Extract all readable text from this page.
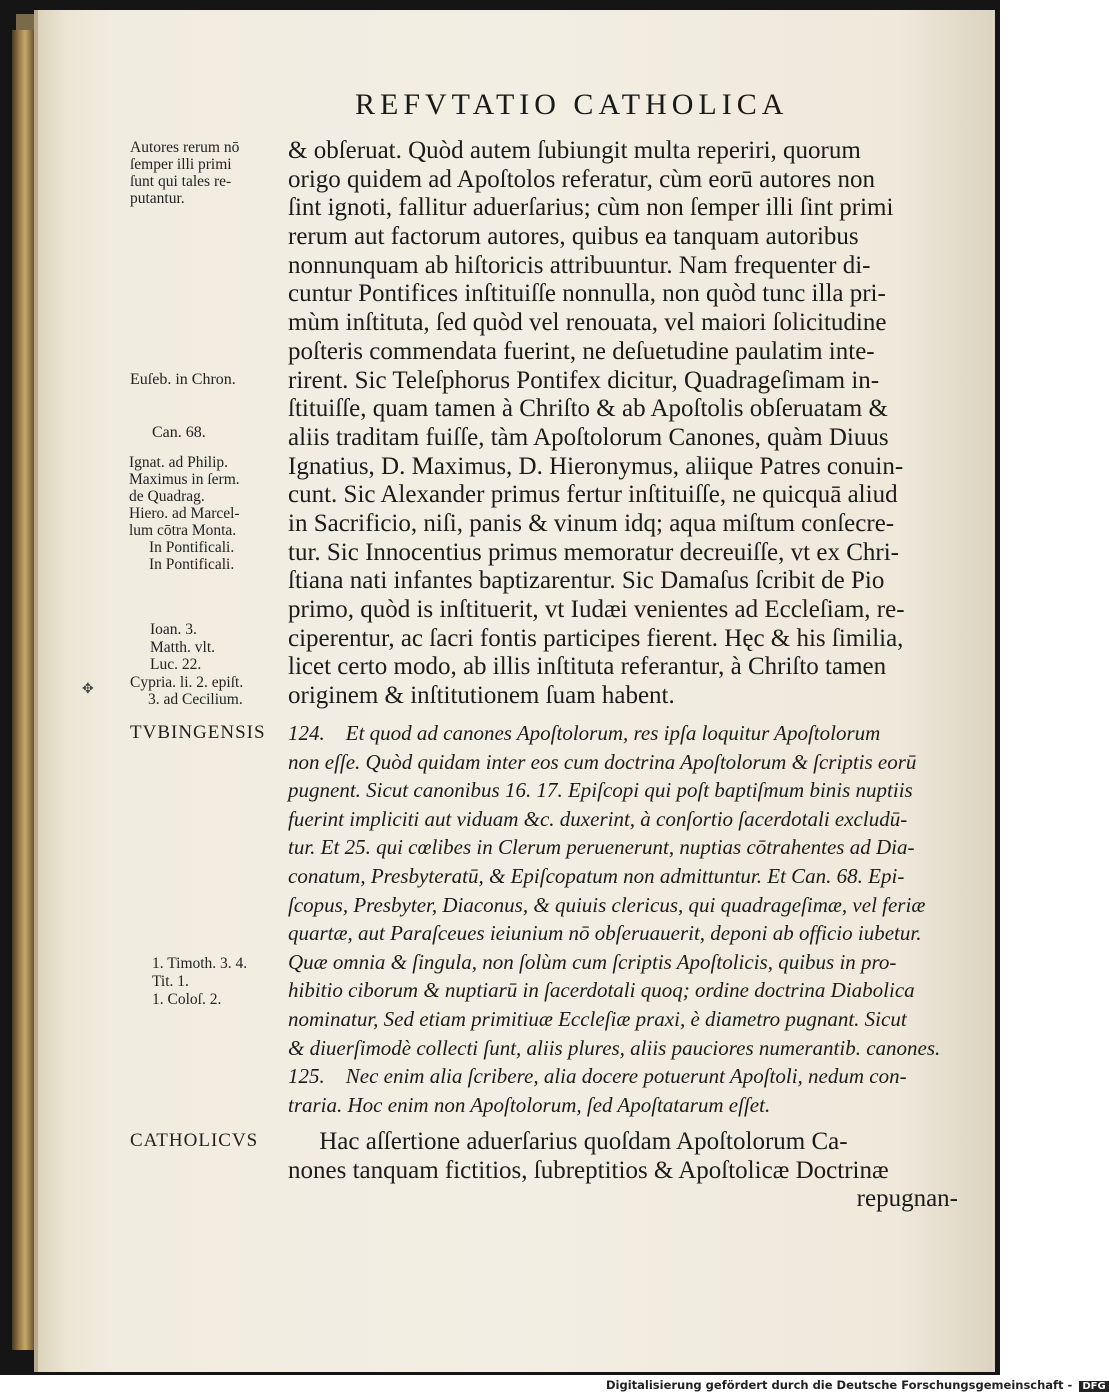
REFVTATIO CATHOLICA
Autores rerum nō
ſemper illi primi
ſunt qui tales re-
putantur.
Euſeb. in Chron.
Can. 68.
Ignat. ad Philip.
Maximus in ſerm.
de Quadrag.
Hiero. ad Marcel-
lum cōtra Monta.
In Pontificali.
In Pontificali.
Ioan. 3.
Matth. vlt.
Luc. 22.
Cypria. li. 2. epiſt.
3. ad Cecilium.
✥
TVBINGENSIS
1. Timoth. 3. 4.
Tit. 1.
1. Coloſ. 2.
CATHOLICVS
& obſeruat. Quòd autem ſubiungit multa reperiri, quorum
origo quidem ad Apoſtolos referatur, cùm eorū autores non
ſint ignoti, fallitur aduerſarius; cùm non ſemper illi ſint primi
rerum aut factorum autores, quibus ea tanquam autoribus
nonnunquam ab hiſtoricis attribuuntur. Nam frequenter di-
cuntur Pontifices inſtituiſſe nonnulla, non quòd tunc illa pri-
mùm inſtituta, ſed quòd vel renouata, vel maiori ſolicitudine
poſteris commendata fuerint, ne deſuetudine paulatim inte-
rirent. Sic Teleſphorus Pontifex dicitur, Quadrageſimam in-
ſtituiſſe, quam tamen à Chriſto & ab Apoſtolis obſeruatam &
aliis traditam fuiſſe, tàm Apoſtolorum Canones, quàm Diuus
Ignatius, D. Maximus, D. Hieronymus, aliique Patres conuin-
cunt. Sic Alexander primus fertur inſtituiſſe, ne quicquā aliud
in Sacrificio, niſi, panis & vinum idq; aqua miſtum conſecre-
tur. Sic Innocentius primus memoratur decreuiſſe, vt ex Chri-
ſtiana nati infantes baptizarentur. Sic Damaſus ſcribit de Pio
primo, quòd is inſtituerit, vt Iudæi venientes ad Eccleſiam, re-
ciperentur, ac ſacri fontis participes fierent. Hęc & his ſimilia,
licet certo modo, ab illis inſtituta referantur, à Chriſto tamen
originem & inſtitutionem ſuam habent.
124.    Et quod ad canones Apoſtolorum, res ipſa loquitur Apoſtolorum
non eſſe. Quòd quidam inter eos cum doctrina Apoſtolorum & ſcriptis eorū
pugnent. Sicut canonibus 16. 17. Epiſcopi qui poſt baptiſmum binis nuptiis
fuerint impliciti aut viduam &c. duxerint, à conſortio ſacerdotali excludū-
tur. Et 25. qui cœlibes in Clerum peruenerunt, nuptias cōtrahentes ad Dia-
conatum, Presbyteratū, & Epiſcopatum non admittuntur. Et Can. 68. Epi-
ſcopus, Presbyter, Diaconus, & quiuis clericus, qui quadrageſimæ, vel feriæ
quartæ, aut Paraſceues ieiunium nō obſeruauerit, deponi ab officio iubetur.
Quæ omnia & ſingula, non ſolùm cum ſcriptis Apoſtolicis, quibus in pro-
hibitio ciborum & nuptiarū in ſacerdotali quoq; ordine doctrina Diabolica
nominatur, Sed etiam primitiuæ Eccleſiæ praxi, è diametro pugnant. Sicut
& diuerſimodè collecti ſunt, aliis plures, aliis pauciores numerantib. canones.
125.    Nec enim alia ſcribere, alia docere potuerunt Apoſtoli, nedum con-
traria. Hoc enim non Apoſtolorum, ſed Apoſtatarum eſſet.
Hac aſſertione aduerſarius quoſdam Apoſtolorum Ca-
nones tanquam fictitios, ſubreptitios & Apoſtolicæ Doctrinæ
repugnan-
Digitalisierung gefördert durch die Deutsche Forschungsgemeinschaft - DFG
